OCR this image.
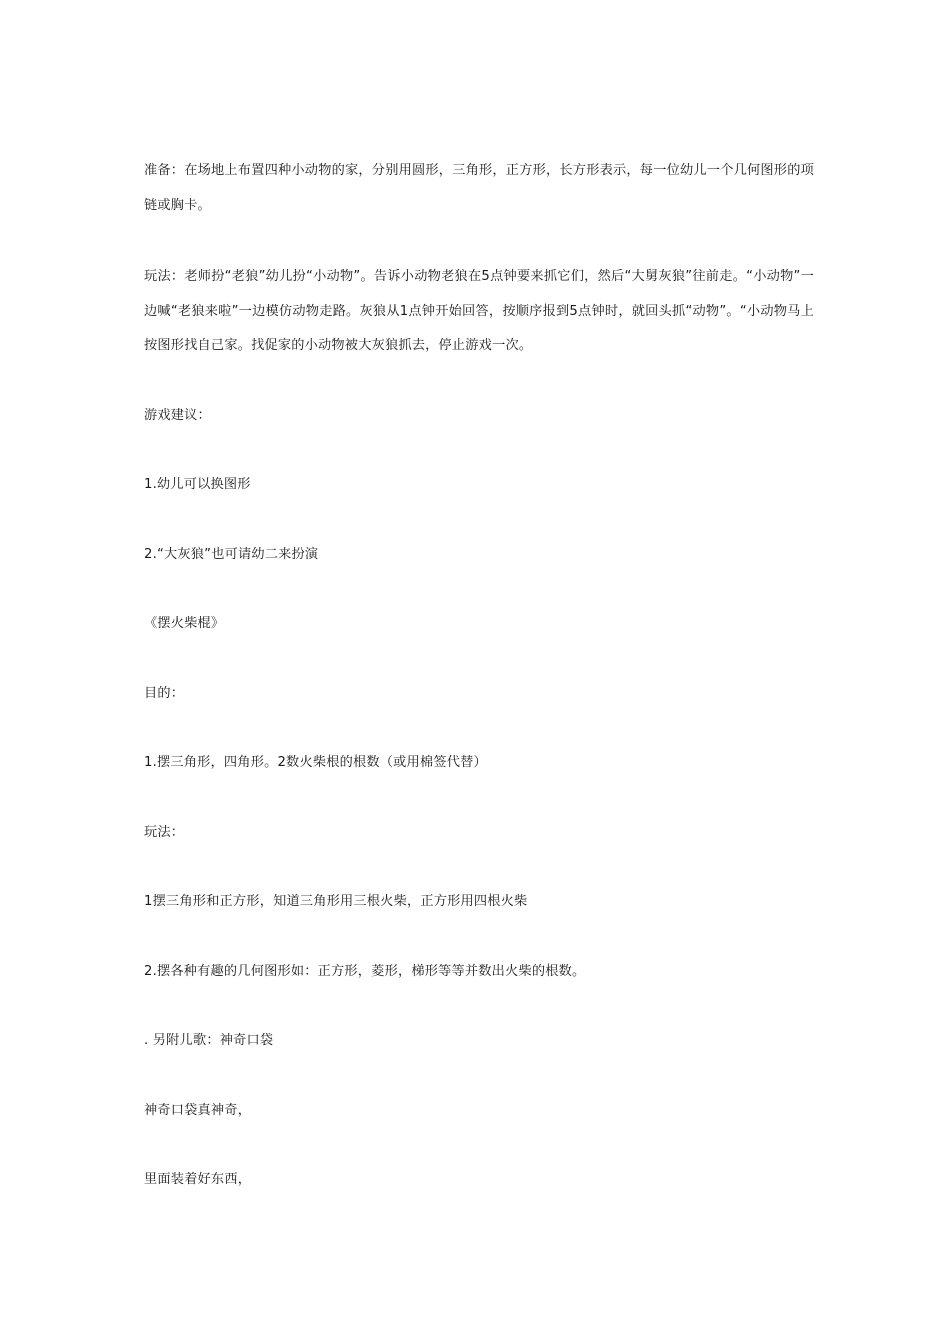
准备：在场地上布置四种小动物的家，分别用圆形，三角形，正方形，长方形表示，每一位幼儿一个几何图形的项链或胸卡。

玩法：老师扮“老狼”幼儿扮“小动物”。告诉小动物老狼在5点钟要来抓它们，然后“大舅灰狼”往前走。“小动物”一边喊“老狼来啦”一边模仿动物走路。灰狼从1点钟开始回答，按顺序报到5点钟时，就回头抓“动物”。“小动物马上按图形找自己家。找促家的小动物被大灰狼抓去，停止游戏一次。

游戏建议：

1.幼儿可以换图形

2.“大灰狼”也可请幼二来扮演

《摆火柴棍》

目的：

1.摆三角形，四角形。2数火柴根的根数（或用棉签代替）

玩法：

1摆三角形和正方形，知道三角形用三根火柴，正方形用四根火柴

2.摆各种有趣的几何图形如：正方形，菱形，梯形等等并数出火柴的根数。

. 另附儿歌：神奇口袋

神奇口袋真神奇，

里面装着好东西，
